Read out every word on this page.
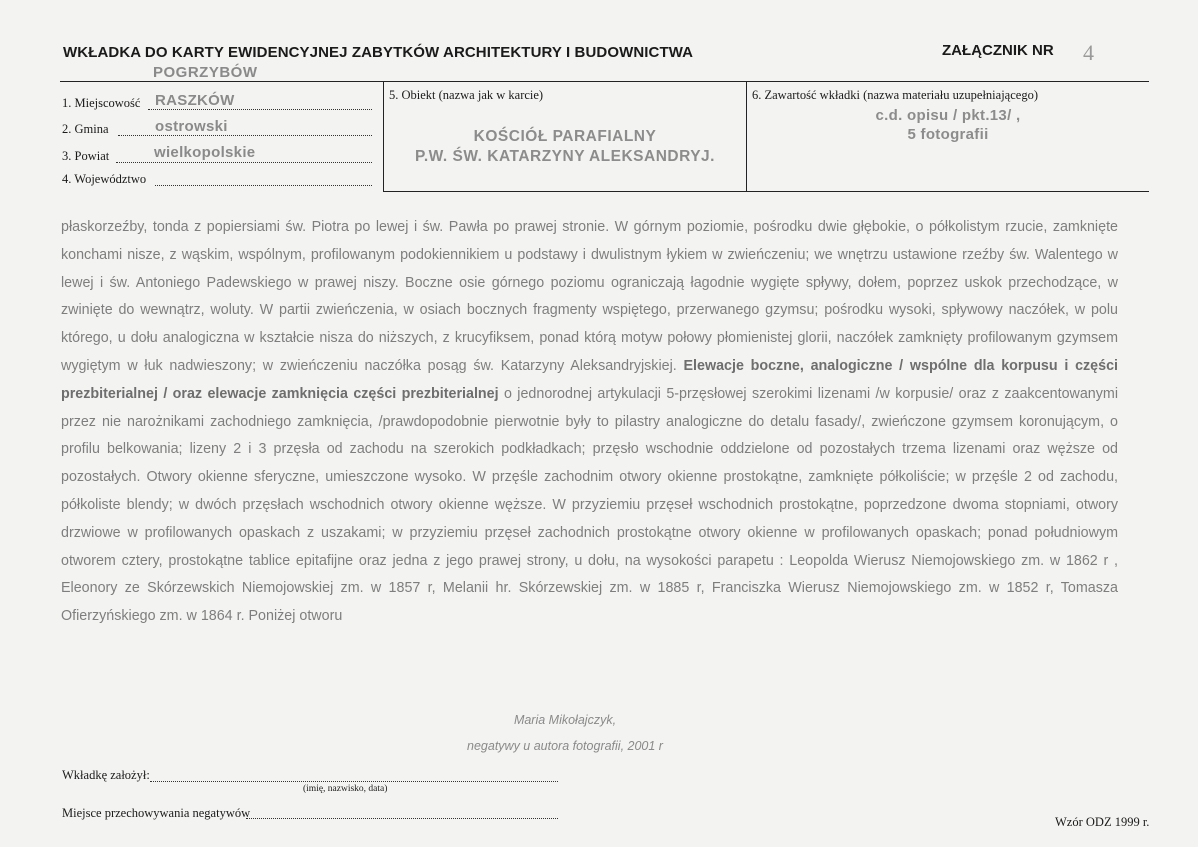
WKŁADKA DO KARTY EWIDENCYJNEJ ZABYTKÓW ARCHITEKTURY I BUDOWNICTWA	ZAŁĄCZNIK NR 4
POGRZYBÓW
1. Miejscowość RASZKÓW
2. Gmina	ostrowski
3. Powiat	wielkopolskie
4. Województwo
5. Obiekt (nazwa jak w karcie)
KOŚCIÓŁ PARAFIALNY
P.W. ŚW. KATARZYNY ALEKSANDRYJ.
6. Zawartość wkładki (nazwa materiału uzupełniającego)
c.d. opisu / pkt.13/ ,
5 fotografii
płaskorzeźby, tonda z popiersiami św. Piotra po lewej i św. Pawła po prawej stronie. W górnym poziomie, pośrodku dwie głębokie, o półkolistym rzucie, zamknięte konchami nisze, z wąskim, wspólnym, profilowanym podokiennikiem u podstawy i dwulistnym łykiem w zwieńczeniu; we wnętrzu ustawione rzeźby św. Walentego w lewej i św. Antoniego Padewskiego w prawej niszy. Boczne osie górnego poziomu ograniczają łagodnie wygięte spływy, dołem, poprzez uskok przechodzące, w zwinięte do wewnątrz, woluty. W partii zwieńczenia, w osiach bocznych fragmenty wspiętego, przerwanego gzymsu; pośrodku wysoki, spływowy naczółek, w polu którego, u dołu analogiczna w kształcie nisza do niższych, z krucyfiksem, ponad którą motyw połowy płomienistej glorii, naczółek zamknięty profilowanym gzymsem wygiętym w łuk nadwieszony; w zwieńczeniu naczółka posąg św. Katarzyny Aleksandryjskiej. Elewacje boczne, analogiczne / wspólne dla korpusu i części prezbiterialnej / oraz elewacje zamknięcia części prezbiterialnej o jednorodnej artykulacji 5-przęsłowej szerokimi lizenami /w korpusie/ oraz z zaakcentowanymi przez nie narożnikami zachodniego zamknięcia, /prawdopodobnie pierwotnie były to pilastry analogiczne do detalu fasady/, zwieńczone gzymsem koronującym, o profilu belkowania; lizeny 2 i 3 przęsła od zachodu na szerokich podkładkach; przęsło wschodnie oddzielone od pozostałych trzema lizenami oraz węższe od pozostałych. Otwory okienne sferyczne, umieszczone wysoko. W przęśle zachodnim otwory okienne prostokątne, zamknięte półkoliście; w przęśle 2 od zachodu, półkoliste blendy; w dwóch przęsłach wschodnich otwory okienne węższe. W przyziemiu przęseł wschodnich prostokątne, poprzedzone dwoma stopniami, otwory drzwiowe w profilowanych opaskach z uszakami; w przyziemiu przęseł zachodnich prostokątne otwory okienne w profilowanych opaskach; ponad południowym otworem cztery, prostokątne tablice epitafijne oraz jedna z jego prawej strony, u dołu, na wysokości parapetu : Leopolda Wierusz Niemojowskiego zm. w 1862 r , Eleonory ze Skórzewskich Niemojowskiej zm. w 1857 r, Melanii hr. Skórzewskiej zm. w 1885 r, Franciszka Wierusz Niemojowskiego zm. w 1852 r, Tomasza Ofierzyńskiego zm. w 1864 r. Poniżej otworu
Maria Mikołajczyk,
negatywy u autora fotografii, 2001 r
Wkładkę założył:
(imię, nazwisko, data)
Miejsce przechowywania negatywów
Wzór ODZ 1999 r.
